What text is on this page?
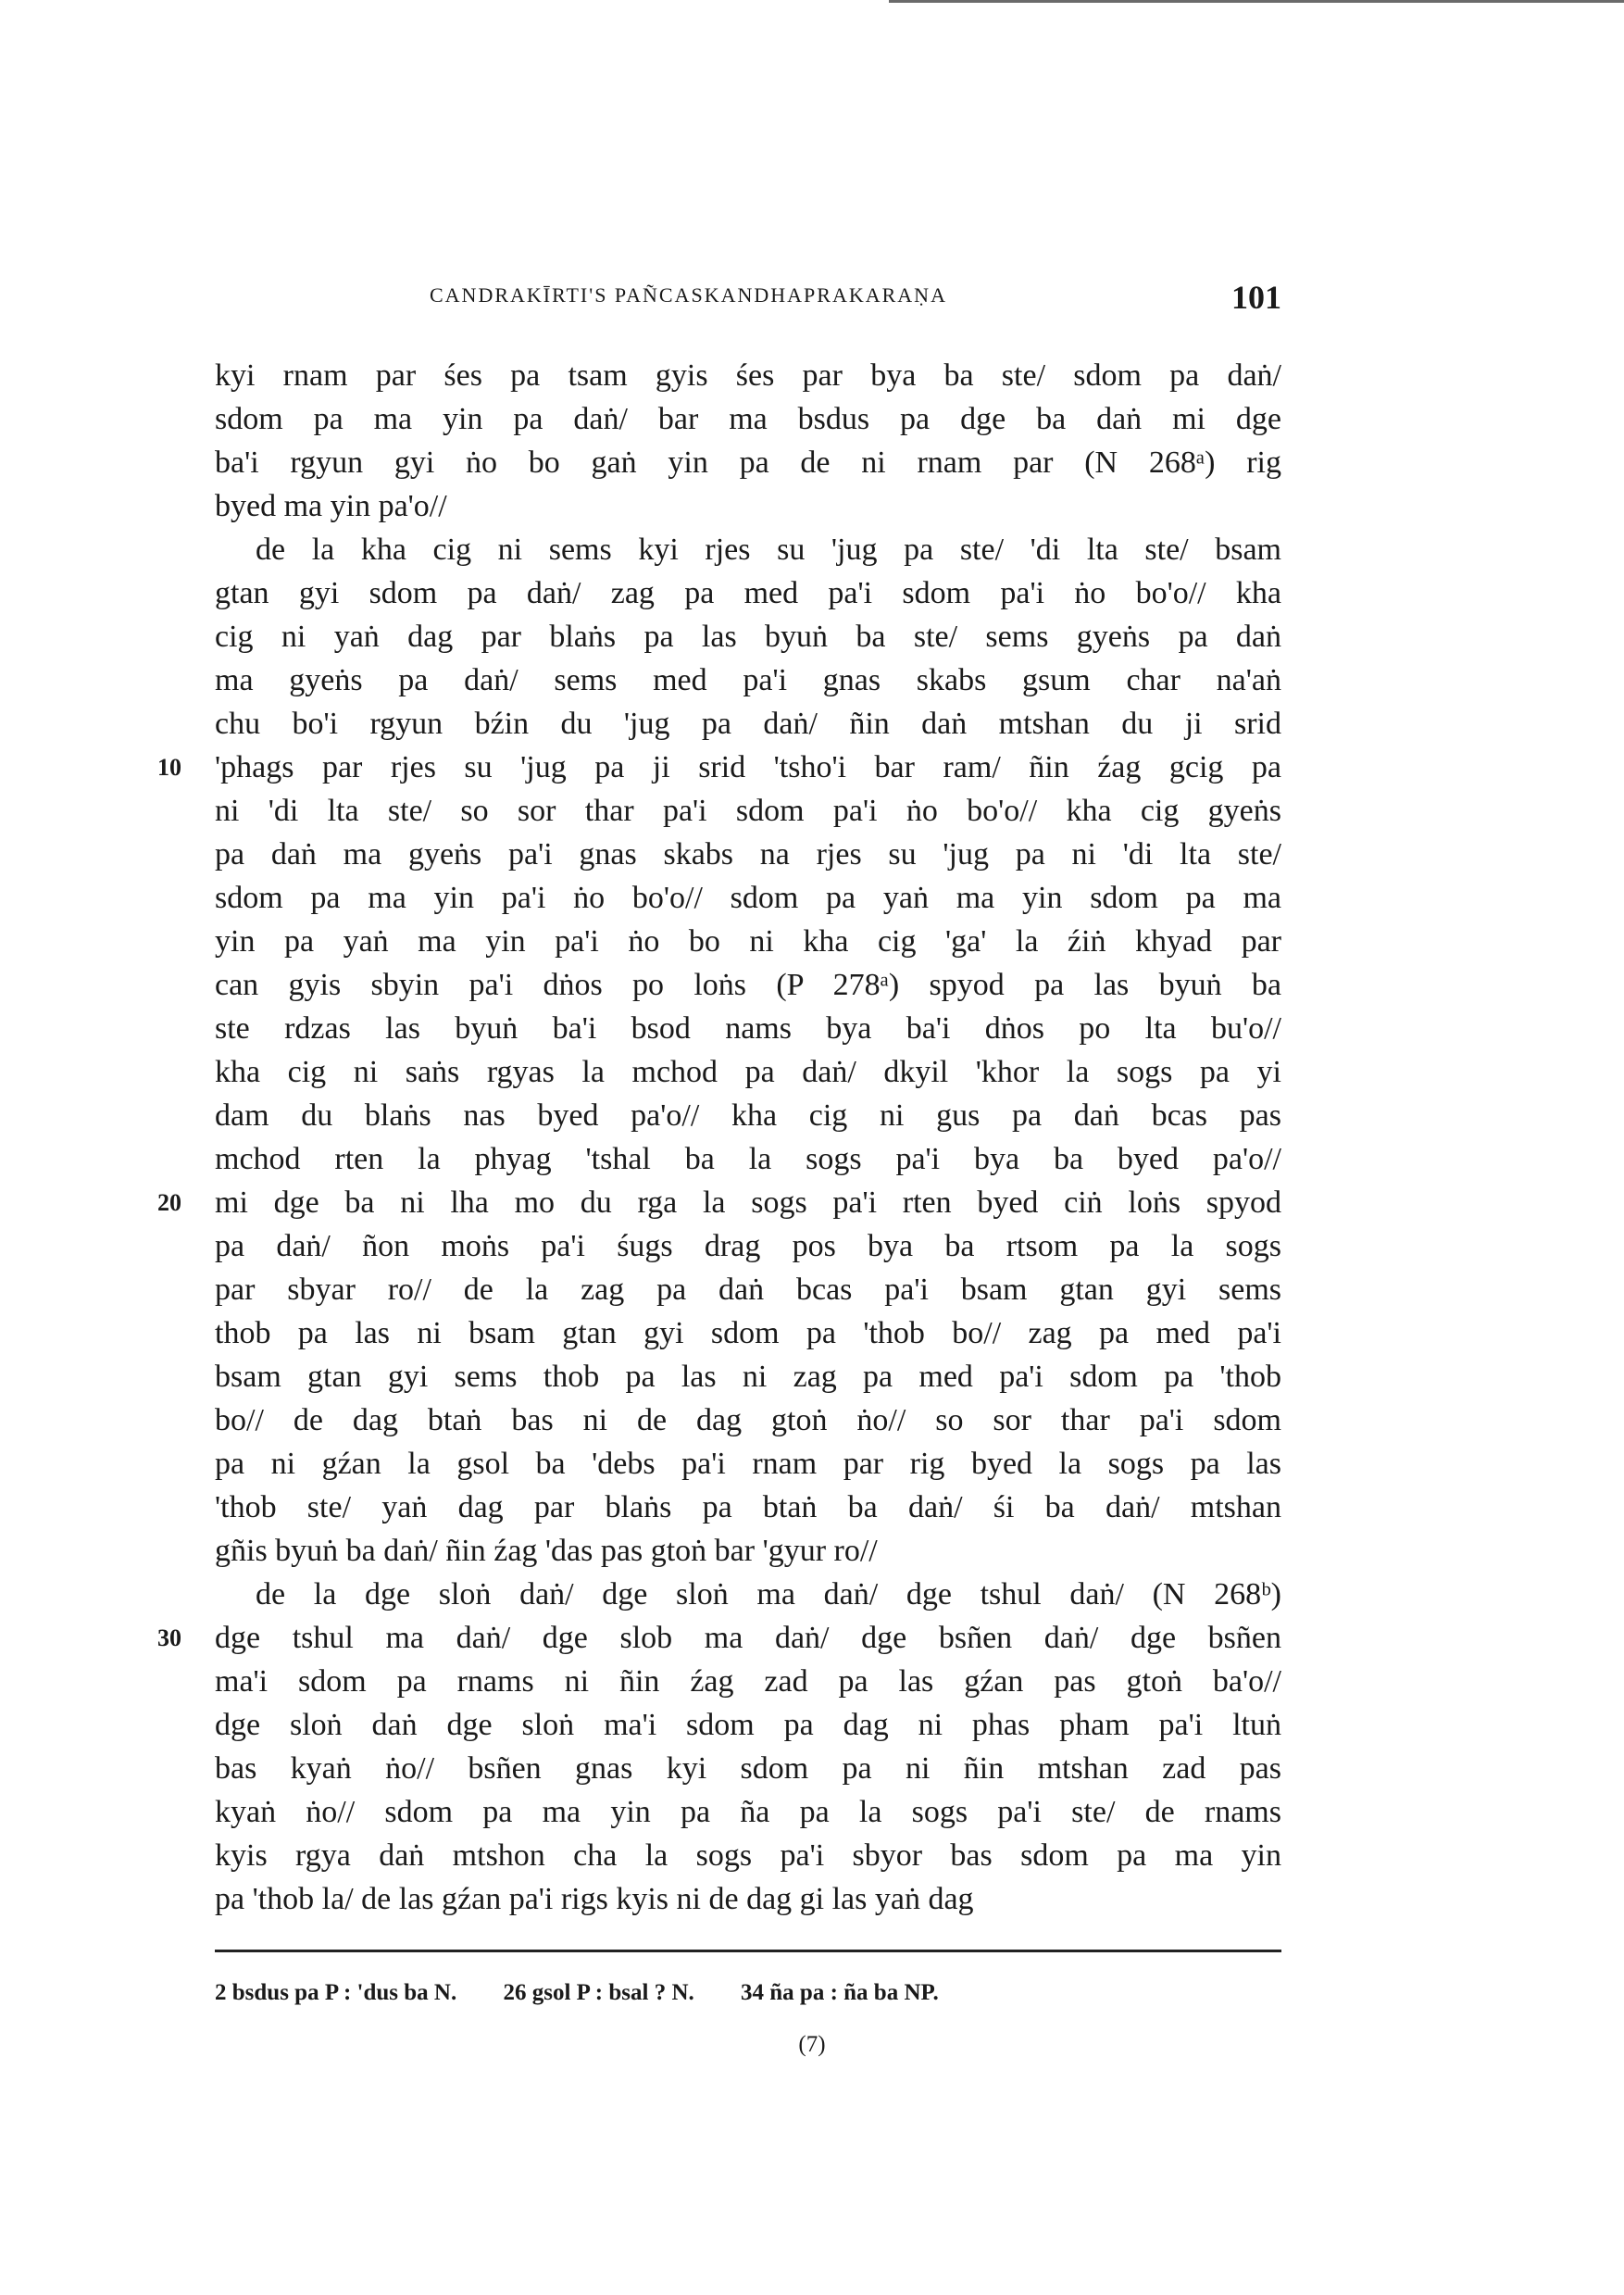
CANDRAKĪRTI'S PAÑCASKANDHAPRAKARAṆA	101
kyi rnam par śes pa tsam gyis śes par bya ba ste/ sdom pa daṅ/
sdom pa ma yin pa daṅ/ bar ma bsdus pa dge ba daṅ mi dge
ba'i rgyun gyi ṅo bo gaṅ yin pa de ni rnam par (N 268ᵃ) rig
byed ma yin pa'o//
de la kha cig ni sems kyi rjes su 'jug pa ste/ 'di lta ste/ bsam
gtan gyi sdom pa daṅ/ zag pa med pa'i sdom pa'i ṅo bo'o// kha
cig ni yaṅ dag par blaṅs pa las byuṅ ba ste/ sems gyeṅs pa daṅ
ma gyeṅs pa daṅ/ sems med pa'i gnas skabs gsum char na'aṅ
chu bo'i rgyun bźin du 'jug pa daṅ/ ñin daṅ mtshan du ji srid
'phags par rjes su 'jug pa ji srid 'tsho'i bar ram/ ñin źag gcig pa
10
ni 'di lta ste/ so sor thar pa'i sdom pa'i ṅo bo'o// kha cig gyeṅs
pa daṅ ma gyeṅs pa'i gnas skabs na rjes su 'jug pa ni 'di lta ste/
sdom pa ma yin pa'i ṅo bo'o// sdom pa yaṅ ma yin sdom pa ma
yin pa yaṅ ma yin pa'i ṅo bo ni kha cig 'ga' la źiṅ khyad par
can gyis sbyin pa'i dṅos po loṅs (P 278ᵃ) spyod pa las byuṅ ba
ste rdzas las byuṅ ba'i bsod nams bya ba'i dṅos po lta bu'o//
kha cig ni saṅs rgyas la mchod pa daṅ/ dkyil 'khor la sogs pa yi
dam du blaṅs nas byed pa'o// kha cig ni gus pa daṅ bcas pas
mchod rten la phyag 'tshal ba la sogs pa'i bya ba byed pa'o//
mi dge ba ni lha mo du rga la sogs pa'i rten byed ciṅ loṅs spyod
20
pa daṅ/ ñon moṅs pa'i śugs drag pos bya ba rtsom pa la sogs
par sbyar ro// de la zag pa daṅ bcas pa'i bsam gtan gyi sems
thob pa las ni bsam gtan gyi sdom pa 'thob bo// zag pa med pa'i
bsam gtan gyi sems thob pa las ni zag pa med pa'i sdom pa 'thob
bo// de dag btaṅ bas ni de dag gtoṅ ṅo// so sor thar pa'i sdom
pa ni gźan la gsol ba 'debs pa'i rnam par rig byed la sogs pa las
'thob ste/ yaṅ dag par blaṅs pa btaṅ ba daṅ/ śi ba daṅ/ mtshan
gñis byuṅ ba daṅ/ ñin źag 'das pas gtoṅ bar 'gyur ro//
de la dge sloṅ daṅ/ dge sloṅ ma daṅ/ dge tshul daṅ/ (N 268ᵇ)
dge tshul ma daṅ/ dge slob ma daṅ/ dge bsñen daṅ/ dge bsñen
30
ma'i sdom pa rnams ni ñin źag zad pa las gźan pas gtoṅ ba'o//
dge sloṅ daṅ dge sloṅ ma'i sdom pa dag ni phas pham pa'i ltuṅ
bas kyaṅ ṅo// bsñen gnas kyi sdom pa ni ñin mtshan zad pas
kyaṅ ṅo// sdom pa ma yin pa ña pa la sogs pa'i ste/ de rnams
kyis rgya daṅ mtshon cha la sogs pa'i sbyor bas sdom pa ma yin
pa 'thob la/ de las gźan pa'i rigs kyis ni de dag gi las yaṅ dag
2 bsdus pa P : 'dus ba N. 26 gsol P : bsal ? N. 34 ña pa : ña ba NP.
(7)
